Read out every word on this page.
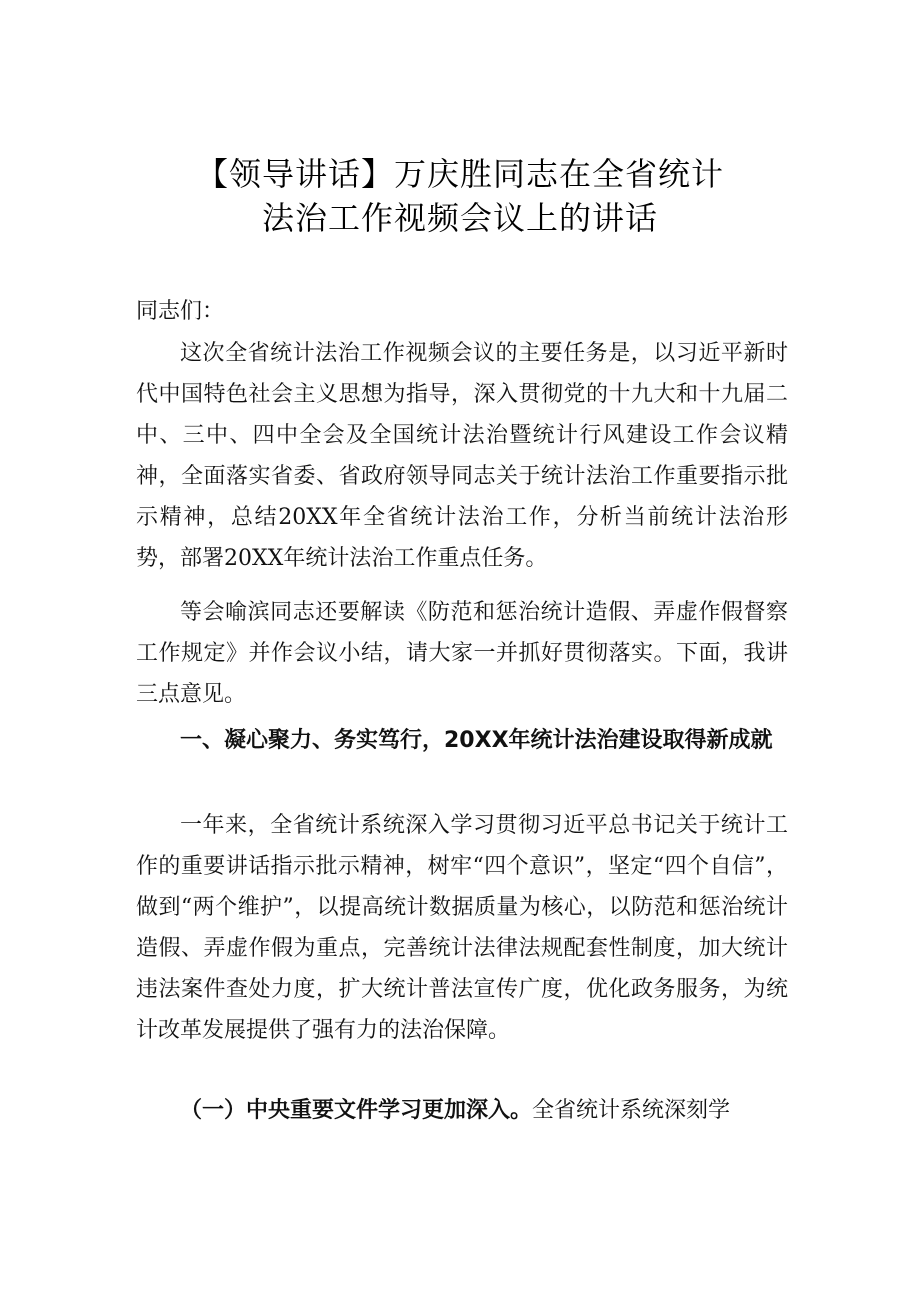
【领导讲话】万庆胜同志在全省统计
法治工作视频会议上的讲话
同志们：
这次全省统计法治工作视频会议的主要任务是，以习近平新时代中国特色社会主义思想为指导，深入贯彻党的十九大和十九届二中、三中、四中全会及全国统计法治暨统计行风建设工作会议精神，全面落实省委、省政府领导同志关于统计法治工作重要指示批示精神，总结20XX年全省统计法治工作，分析当前统计法治形势，部署20XX年统计法治工作重点任务。
等会喻滨同志还要解读《防范和惩治统计造假、弄虚作假督察工作规定》并作会议小结，请大家一并抓好贯彻落实。下面，我讲三点意见。
一、凝心聚力、务实笃行，20XX年统计法治建设取得新成就
一年来，全省统计系统深入学习贯彻习近平总书记关于统计工作的重要讲话指示批示精神，树牢“四个意识”，坚定“四个自信”，做到“两个维护”，以提高统计数据质量为核心，以防范和惩治统计造假、弄虚作假为重点，完善统计法律法规配套性制度，加大统计违法案件查处力度，扩大统计普法宣传广度，优化政务服务，为统计改革发展提供了强有力的法治保障。
（一）中央重要文件学习更加深入。全省统计系统深刻学
